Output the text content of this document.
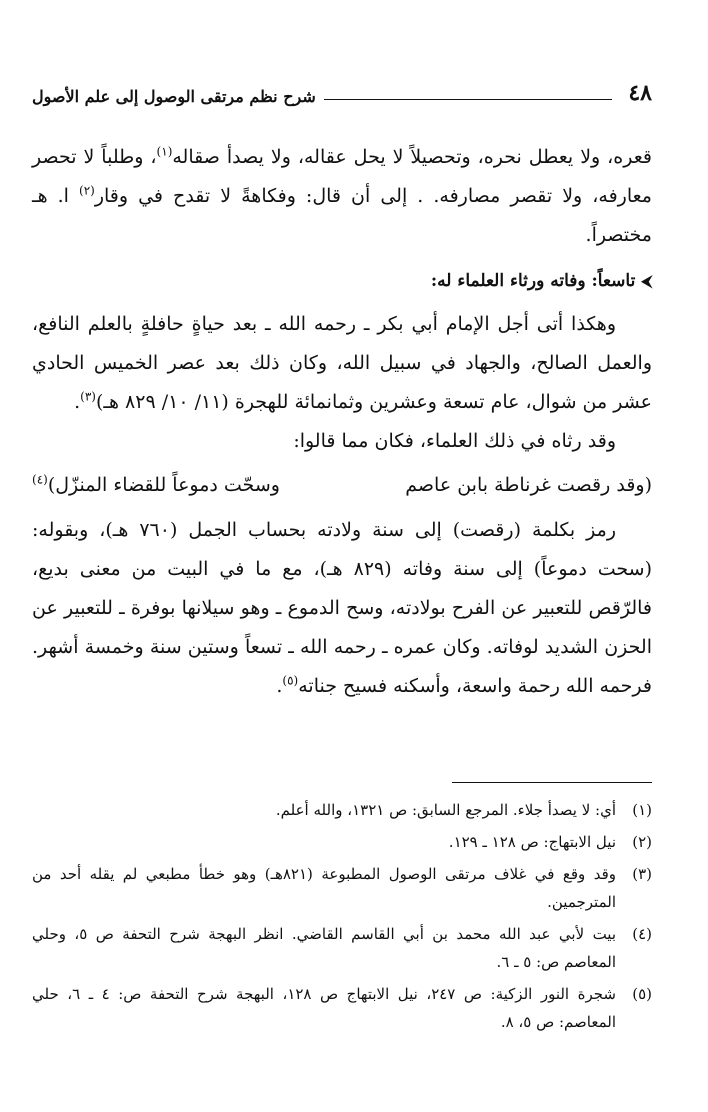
٤٨
شرح نظم مرتقى الوصول إلى علم الأصول

قعره، ولا يعطل نحره، وتحصيلاً لا يحل عقاله، ولا يصدأ صقاله$^{(١)}$، وطلباً لا تحصر معارفه، ولا تقصر مصارفه. . إلى أن قال: وفكاهةً لا تقدح في وقار$^{(٢)}$ ا. هـ مختصراً.

⮜تاسعاً: وفاته ورثاء العلماء له:

وهكذا أتى أجل الإمام أبي بكر ـ رحمه الله ـ بعد حياةٍ حافلةٍ بالعلم النافع، والعمل الصالح، والجهاد في سبيل الله، وكان ذلك بعد عصر الخميس الحادي عشر من شوال، عام تسعة وعشرين وثمانمائة للهجرة (١١/ ١٠/ ٨٢٩ هـ)$^{(٣)}$.

وقد رثاه في ذلك العلماء، فكان مما قالوا:

(وقد رقصت غرناطة بابن عاصم
وسحّت دموعاً للقضاء المنزّل)$^{(٤)}$

رمز بكلمة (رقصت) إلى سنة ولادته بحساب الجمل (٧٦٠ هـ)، وبقوله: (سحت دموعاً) إلى سنة وفاته (٨٢٩ هـ)، مع ما في البيت من معنى بديع، فالرّقص للتعبير عن الفرح بولادته، وسح الدموع ـ وهو سيلانها بوفرة ـ للتعبير عن الحزن الشديد لوفاته. وكان عمره ـ رحمه الله ـ تسعاً وستين سنة وخمسة أشهر. فرحمه الله رحمة واسعة، وأسكنه فسيح جناته$^{(٥)}$.

(١)
أي: لا يصدأ جلاء. المرجع السابق: ص ١٣٢١، والله أعلم.
(٢)
نيل الابتهاج: ص ١٢٨ ـ ١٢٩.
(٣)
وقد وقع في غلاف مرتقى الوصول المطبوعة (٨٢١هـ) وهو خطأ مطبعي لم يقله أحد من المترجمين.
(٤)
بيت لأبي عبد الله محمد بن أبي القاسم القاضي. انظر البهجة شرح التحفة ص ٥، وحلي المعاصم ص: ٥ ـ ٦.
(٥)
شجرة النور الزكية: ص ٢٤٧، نيل الابتهاج ص ١٢٨، البهجة شرح التحفة ص: ٤ ـ ٦، حلي المعاصم: ص ٥، ٨.
